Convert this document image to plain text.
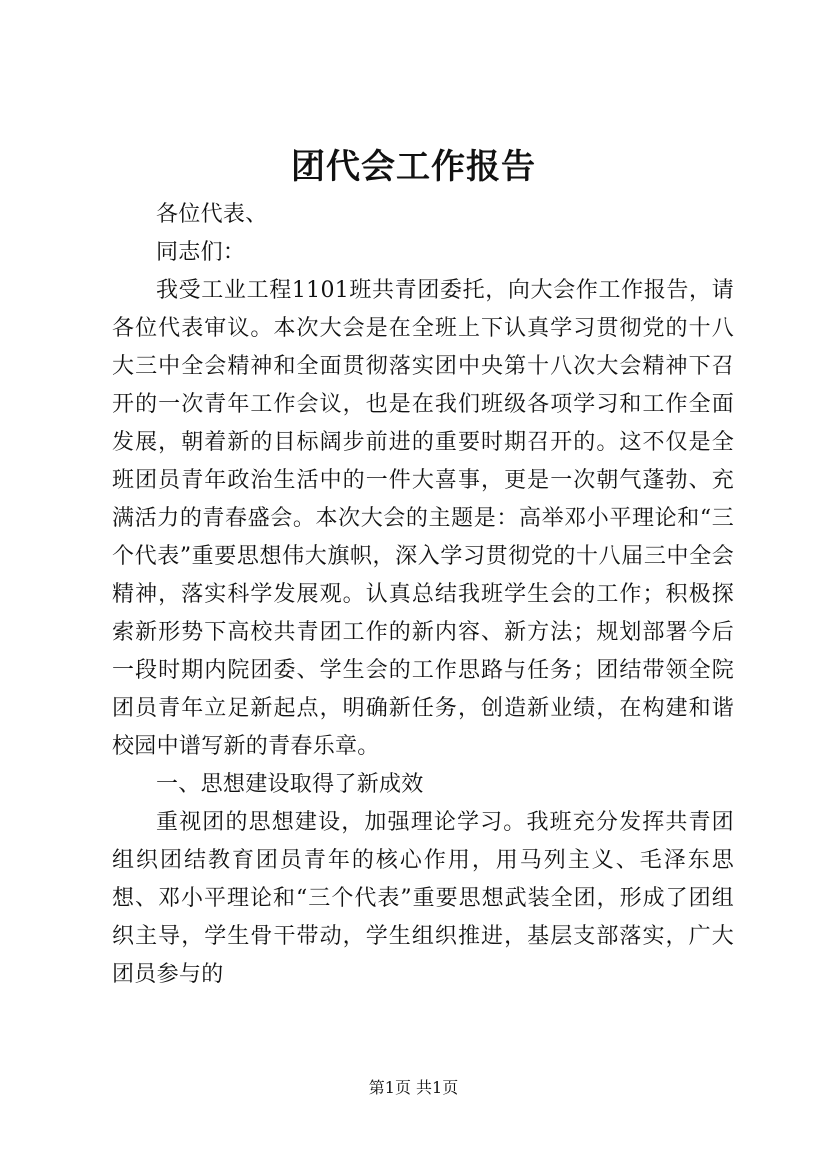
团代会工作报告

各位代表、

同志们：

我受工业工程1101班共青团委托，向大会作工作报告，请各位代表审议。本次大会是在全班上下认真学习贯彻党的十八大三中全会精神和全面贯彻落实团中央第十八次大会精神下召开的一次青年工作会议，也是在我们班级各项学习和工作全面发展，朝着新的目标阔步前进的重要时期召开的。这不仅是全班团员青年政治生活中的一件大喜事，更是一次朝气蓬勃、充满活力的青春盛会。本次大会的主题是：高举邓小平理论和“三个代表”重要思想伟大旗帜，深入学习贯彻党的十八届三中全会精神，落实科学发展观。认真总结我班学生会的工作；积极探索新形势下高校共青团工作的新内容、新方法；规划部署今后一段时期内院团委、学生会的工作思路与任务；团结带领全院团员青年立足新起点，明确新任务，创造新业绩，在构建和谐校园中谱写新的青春乐章。

一、思想建设取得了新成效

重视团的思想建设，加强理论学习。我班充分发挥共青团组织团结教育团员青年的核心作用，用马列主义、毛泽东思想、邓小平理论和“三个代表”重要思想武装全团，形成了团组织主导，学生骨干带动，学生组织推进，基层支部落实，广大团员参与的

第1页 共1页
